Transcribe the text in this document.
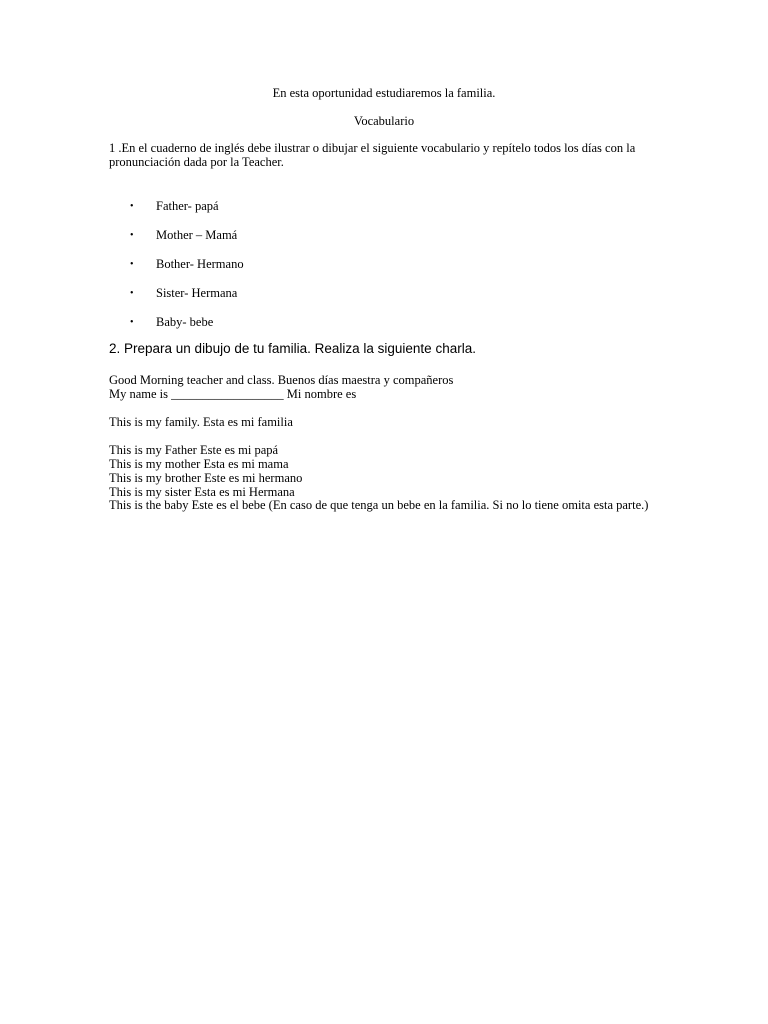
En esta oportunidad estudiaremos la familia.
Vocabulario
1 .En el cuaderno de inglés debe ilustrar o dibujar el siguiente vocabulario y repítelo todos los días con la pronunciación dada por la Teacher.
• Father- papá
• Mother – Mamá
• Bother- Hermano
• Sister- Hermana
• Baby- bebe
2. Prepara un dibujo de tu familia. Realiza la siguiente charla.
Good Morning teacher and class. Buenos días maestra y compañeros
My name is __________________ Mi nombre es
This is my family. Esta es mi familia
This is my Father Este es mi papá
This is my mother Esta es mi mama
This is my brother Este es mi hermano
This is my sister Esta es mi Hermana
This is the baby Este es el bebe (En caso de que tenga un bebe en la familia. Si no lo tiene omita esta parte.)
